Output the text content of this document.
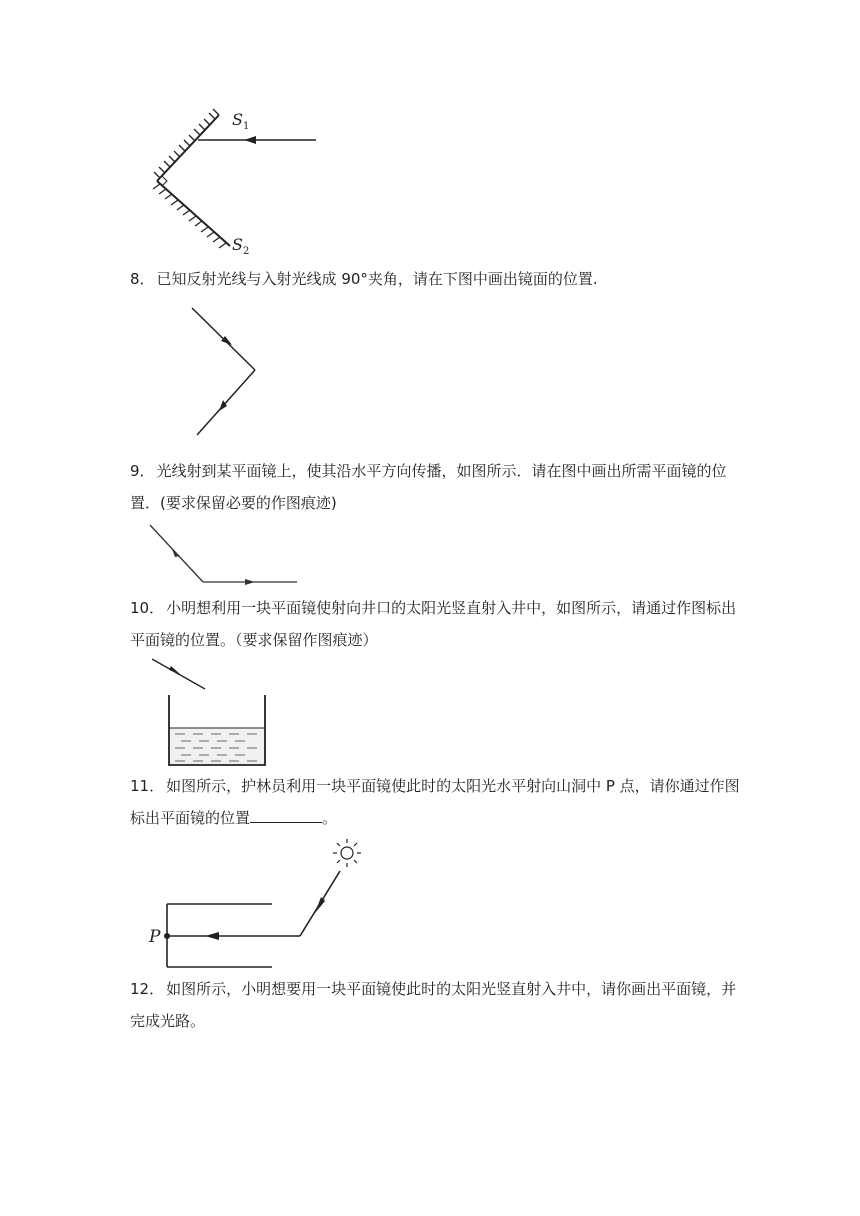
$S_1$
$S_2$
8． 已知反射光线与入射光线成 90°夹角，请在下图中画出镜面的位置.
9． 光线射到某平面镜上，使其沿水平方向传播，如图所示．请在图中画出所需平面镜的位置．(要求保留必要的作图痕迹)
10． 小明想利用一块平面镜使射向井口的太阳光竖直射入井中，如图所示，请通过作图标出平面镜的位置。（要求保留作图痕迹）
11． 如图所示，护林员利用一块平面镜使此时的太阳光水平射向山洞中 P 点，请你通过作图标出平面镜的位置	。
P
12． 如图所示，小明想要用一块平面镜使此时的太阳光竖直射入井中，请你画出平面镜，并完成光路。
